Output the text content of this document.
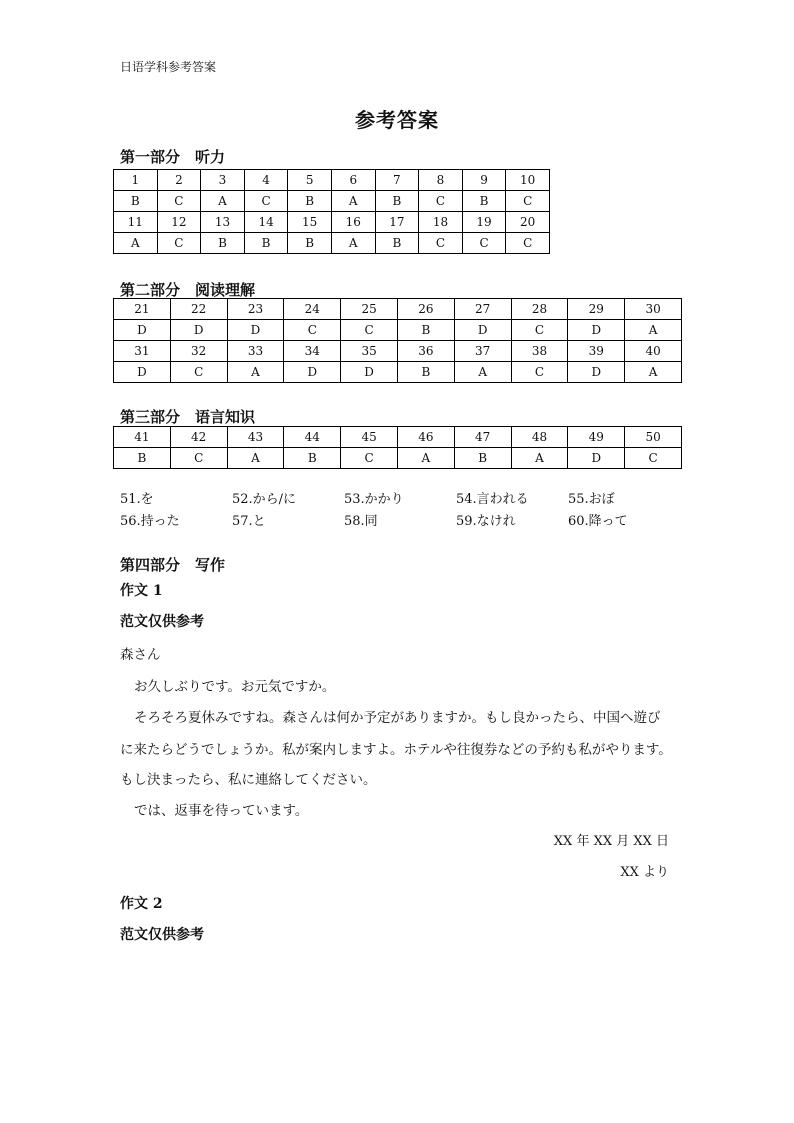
日语学科参考答案
参考答案
第一部分　听力
1	2	3	4	5	6	7	8	9	10
B	C	A	C	B	A	B	C	B	C
11	12	13	14	15	16	17	18	19	20
A	C	B	B	B	A	B	C	C	C
第二部分　阅读理解
21	22	23	24	25	26	27	28	29	30
D	D	D	C	C	B	D	C	D	A
31	32	33	34	35	36	37	38	39	40
D	C	A	D	D	B	A	C	D	A
第三部分　语言知识
41	42	43	44	45	46	47	48	49	50
B	C	A	B	C	A	B	A	D	C
51.を	52.から/に	53.かかり	54.言われる	55.おぼ
56.持った	57.と	58.同	59.なけれ	60.降って
第四部分　写作
作文 1
范文仅供参考
森さん
お久しぶりです。お元気ですか。
そろそろ夏休みですね。森さんは何か予定がありますか。もし良かったら、中国へ遊び
に来たらどうでしょうか。私が案内しますよ。ホテルや往復券などの予約も私がやります。
もし決まったら、私に連絡してください。
では、返事を待っています。
XX 年 XX 月 XX 日
XX より
作文 2
范文仅供参考
